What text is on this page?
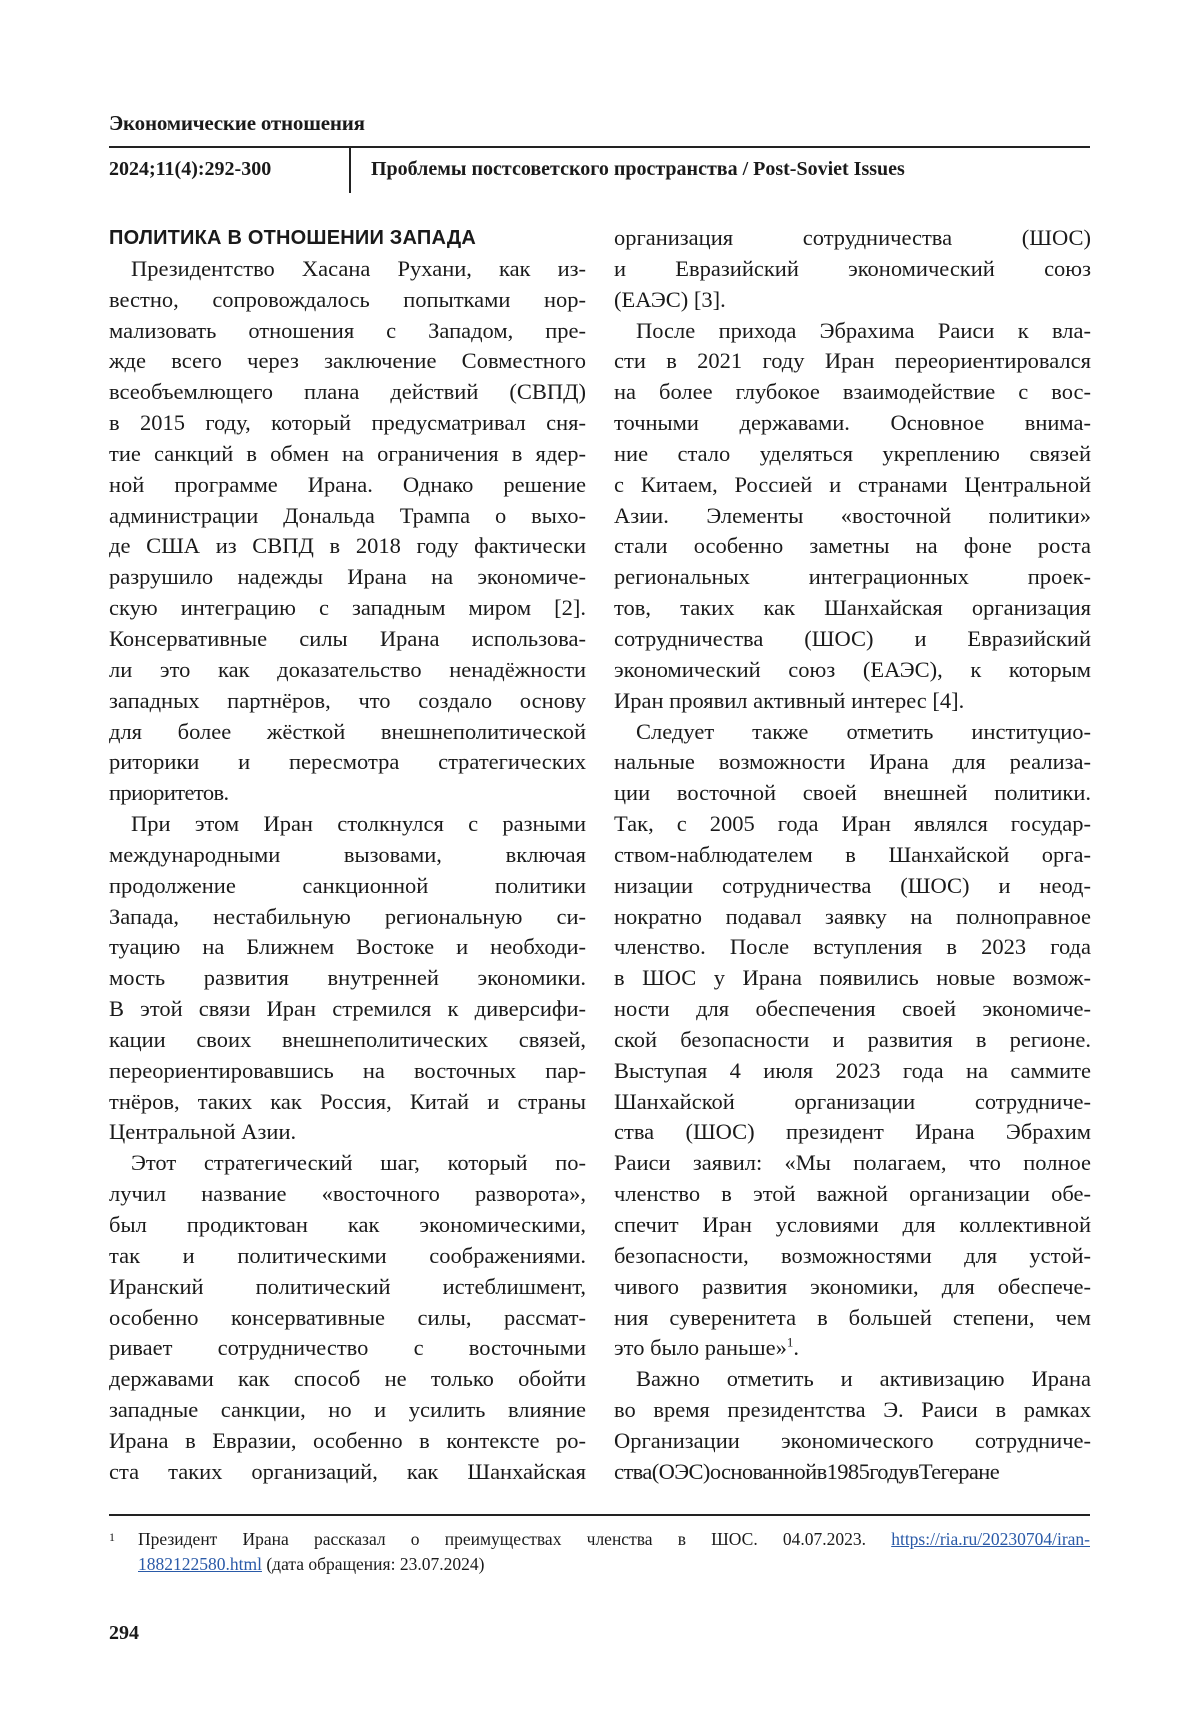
Экономические отношения
2024;11(4):292-300	Проблемы постсоветского пространства / Post-Soviet Issues
ПОЛИТИКА В ОТНОШЕНИИ ЗАПАДА
Президентство Хасана Рухани, как из-
вестно, сопровождалось попытками нор-
мализовать отношения с Западом, пре-
жде всего через заключение Совместного
всеобъемлющего плана действий (СВПД)
в 2015 году, который предусматривал сня-
тие санкций в обмен на ограничения в ядер-
ной программе Ирана. Однако решение
администрации Дональда Трампа о выхо-
де США из СВПД в 2018 году фактически
разрушило надежды Ирана на экономиче-
скую интеграцию с западным миром [2].
Консервативные силы Ирана использова-
ли это как доказательство ненадёжности
западных партнёров, что создало основу
для более жёсткой внешнеполитической
риторики и пересмотра стратегических
приоритетов.
При этом Иран столкнулся с разными
международными вызовами, включая
продолжение санкционной политики
Запада, нестабильную региональную си-
туацию на Ближнем Востоке и необходи-
мость развития внутренней экономики.
В этой связи Иран стремился к диверсифи-
кации своих внешнеполитических связей,
переориентировавшись на восточных пар-
тнёров, таких как Россия, Китай и страны
Центральной Азии.
Этот стратегический шаг, который по-
лучил название «восточного разворота»,
был продиктован как экономическими,
так и политическими соображениями.
Иранский политический истеблишмент,
особенно консервативные силы, рассмат-
ривает сотрудничество с восточными
державами как способ не только обойти
западные санкции, но и усилить влияние
Ирана в Евразии, особенно в контексте ро-
ста таких организаций, как Шанхайская
организация сотрудничества (ШОС)
и Евразийский экономический союз
(ЕАЭС) [3].
После прихода Эбрахима Раиси к вла-
сти в 2021 году Иран переориентировался
на более глубокое взаимодействие с вос-
точными державами. Основное внима-
ние стало уделяться укреплению связей
с Китаем, Россией и странами Центральной
Азии. Элементы «восточной политики»
стали особенно заметны на фоне роста
региональных интеграционных проек-
тов, таких как Шанхайская организация
сотрудничества (ШОС) и Евразийский
экономический союз (ЕАЭС), к которым
Иран проявил активный интерес [4].
Следует также отметить институцио-
нальные возможности Ирана для реализа-
ции восточной своей внешней политики.
Так, с 2005 года Иран являлся государ-
ством-наблюдателем в Шанхайской орга-
низации сотрудничества (ШОС) и неод-
нократно подавал заявку на полноправное
членство. После вступления в 2023 года
в ШОС у Ирана появились новые возмож-
ности для обеспечения своей экономиче-
ской безопасности и развития в регионе.
Выступая 4 июля 2023 года на саммите
Шанхайской организации сотрудниче-
ства (ШОС) президент Ирана Эбрахим
Раиси заявил: «Мы полагаем, что полное
членство в этой важной организации обе-
спечит Иран условиями для коллективной
безопасности, возможностями для устой-
чивого развития экономики, для обеспече-
ния суверенитета в большей степени, чем
это было раньше»1.
Важно отметить и активизацию Ирана
во время президентства Э. Раиси в рамках
Организации экономического сотрудниче-
ства(ОЭС)основаннойв1985годувТегеране
1	Президент Ирана рассказал о преимуществах членства в ШОС. 04.07.2023. https://ria.ru/20230704/iran-
1882122580.html (дата обращения: 23.07.2024)
294
